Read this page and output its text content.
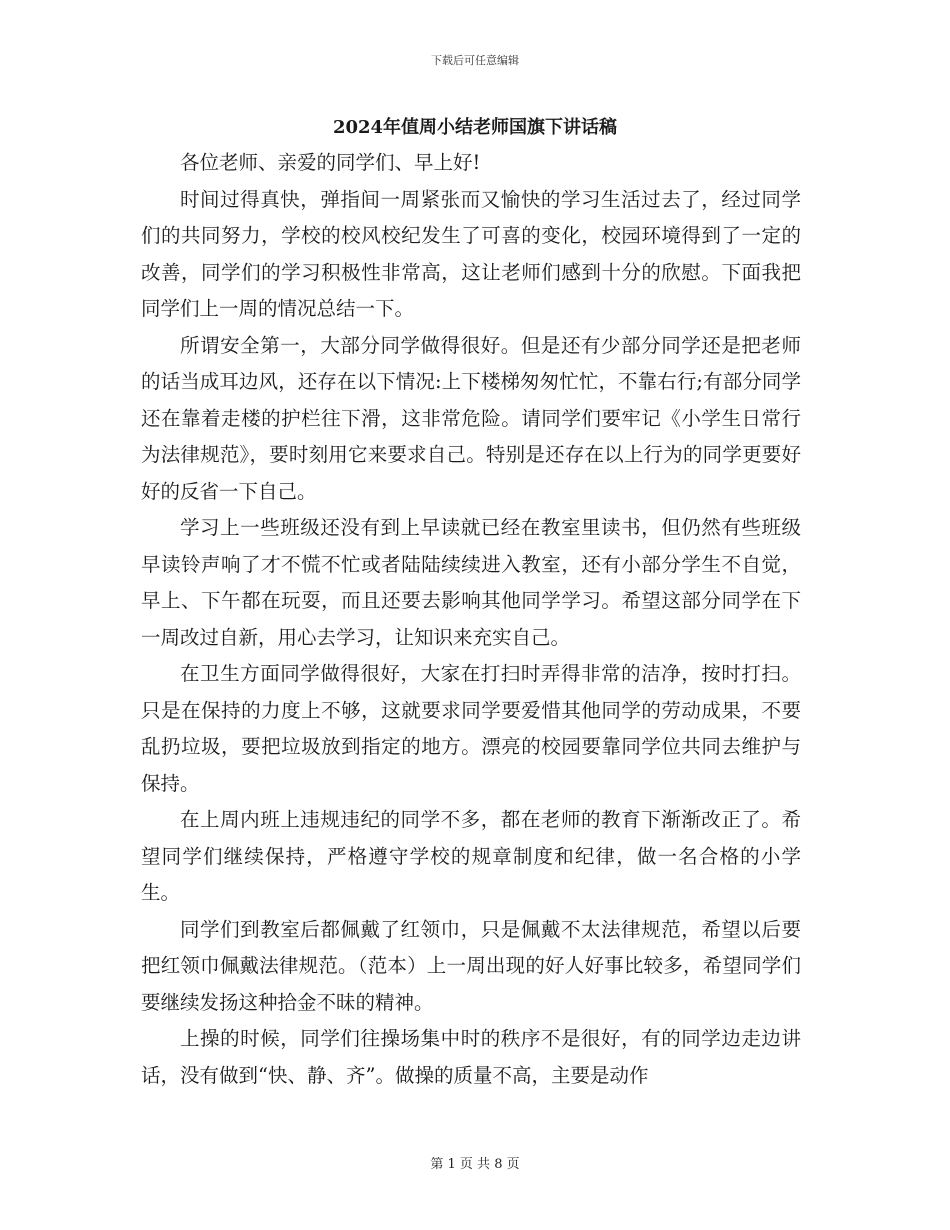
下载后可任意编辑
2024年值周小结老师国旗下讲话稿

各位老师、亲爱的同学们、早上好!

时间过得真快，弹指间一周紧张而又愉快的学习生活过去了，经过同学们的共同努力，学校的校风校纪发生了可喜的变化，校园环境得到了一定的改善，同学们的学习积极性非常高，这让老师们感到十分的欣慰。下面我把同学们上一周的情况总结一下。

所谓安全第一，大部分同学做得很好。但是还有少部分同学还是把老师的话当成耳边风，还存在以下情况:上下楼梯匆匆忙忙，不靠右行;有部分同学还在靠着走楼的护栏往下滑，这非常危险。请同学们要牢记《小学生日常行为法律规范》，要时刻用它来要求自己。特别是还存在以上行为的同学更要好好的反省一下自己。

学习上一些班级还没有到上早读就已经在教室里读书，但仍然有些班级早读铃声响了才不慌不忙或者陆陆续续进入教室，还有小部分学生不自觉，早上、下午都在玩耍，而且还要去影响其他同学学习。希望这部分同学在下一周改过自新，用心去学习，让知识来充实自己。

在卫生方面同学做得很好，大家在打扫时弄得非常的洁净，按时打扫。只是在保持的力度上不够，这就要求同学要爱惜其他同学的劳动成果，不要乱扔垃圾，要把垃圾放到指定的地方。漂亮的校园要靠同学位共同去维护与保持。

在上周内班上违规违纪的同学不多，都在老师的教育下渐渐改正了。希望同学们继续保持，严格遵守学校的规章制度和纪律，做一名合格的小学生。

同学们到教室后都佩戴了红领巾，只是佩戴不太法律规范，希望以后要把红领巾佩戴法律规范。（范本）上一周出现的好人好事比较多，希望同学们要继续发扬这种拾金不昧的精神。

上操的时候，同学们往操场集中时的秩序不是很好，有的同学边走边讲话，没有做到“快、静、齐”。做操的质量不高，主要是动作

第 1 页 共 8 页
